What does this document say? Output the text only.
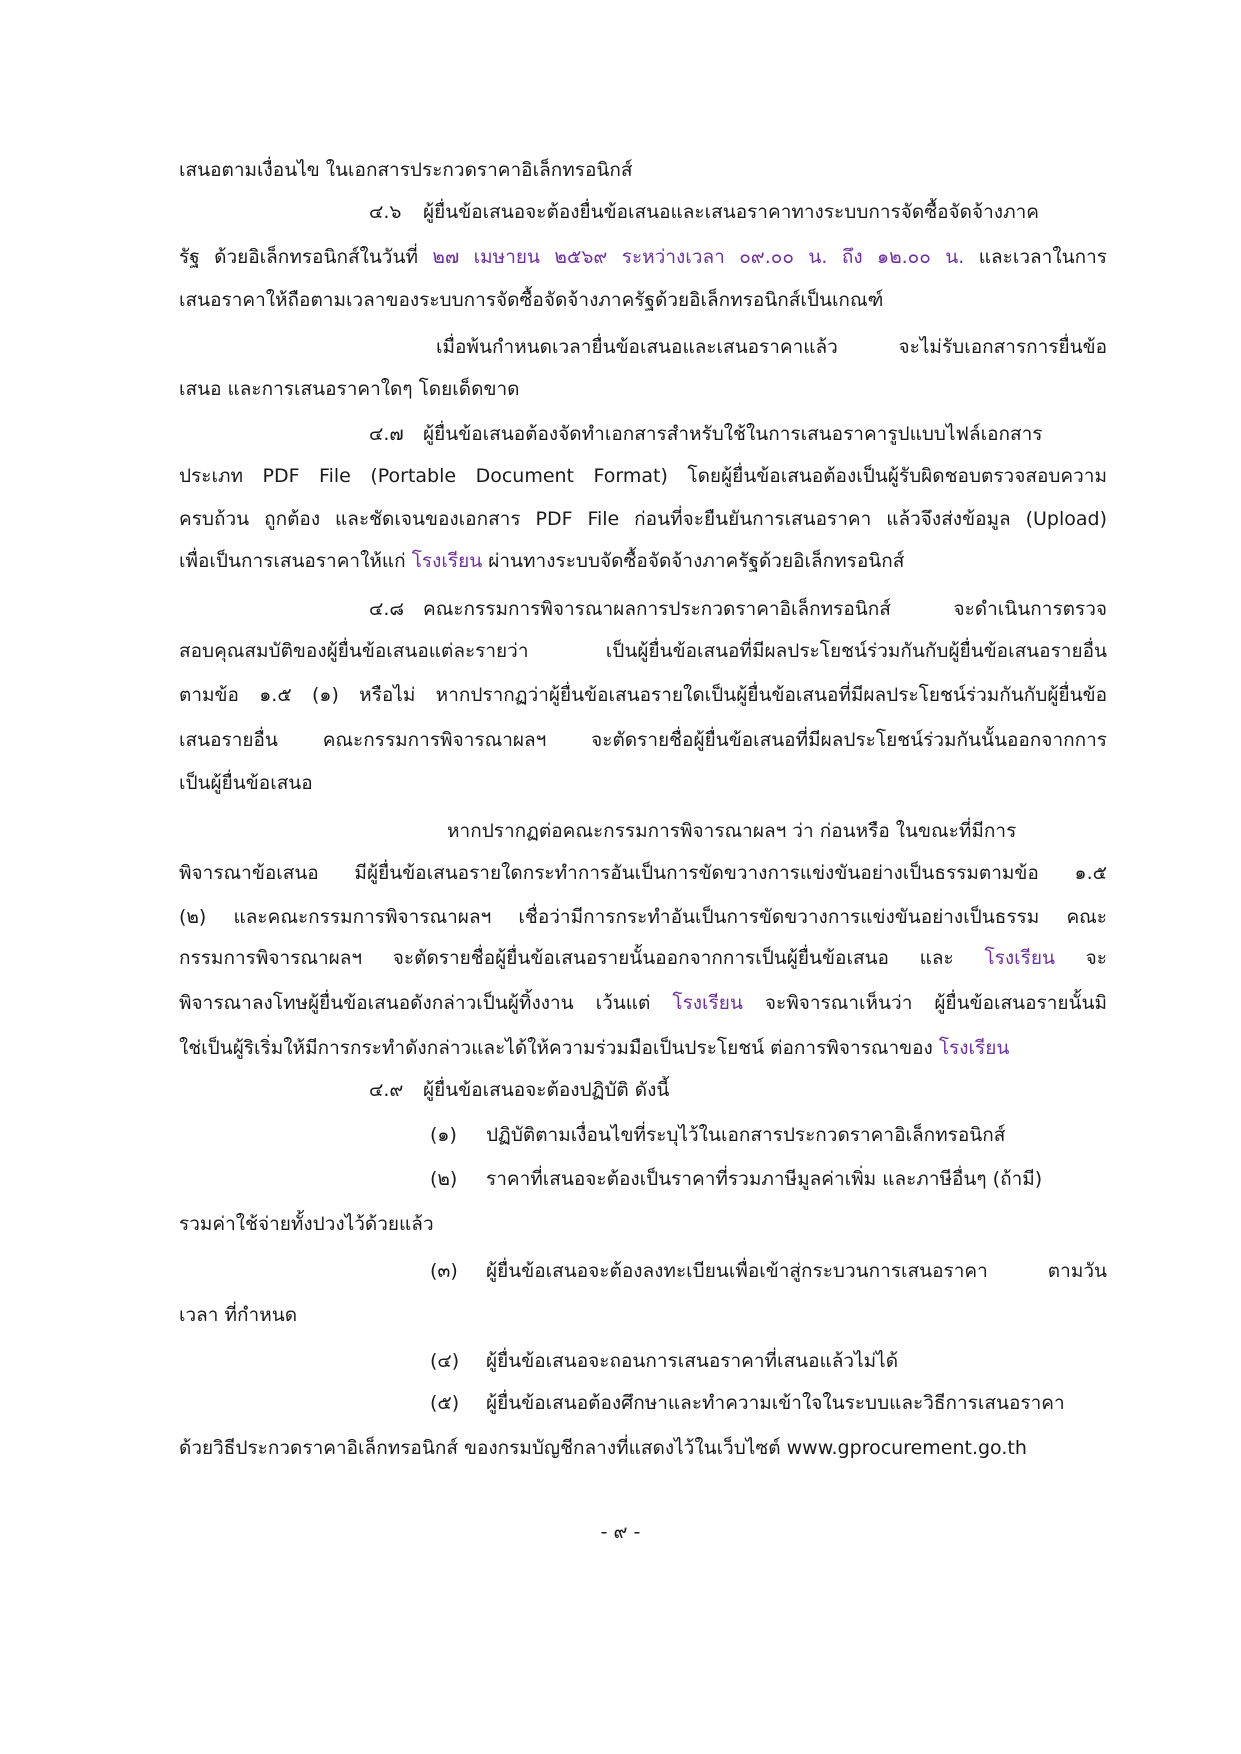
เสนอตามเงื่อนไข ในเอกสารประกวดราคาอิเล็กทรอนิกส์
๔.๖ ผู้ยื่นข้อเสนอจะต้องยื่นข้อเสนอและเสนอราคาทางระบบการจัดซื้อจัดจ้างภาค
รัฐ ด้วยอิเล็กทรอนิกส์ในวันที่ ๒๗ เมษายน ๒๕๖๙ ระหว่างเวลา ๐๙.๐๐ น. ถึง ๑๒.๐๐ น. และเวลาในการ
เสนอราคาให้ถือตามเวลาของระบบการจัดซื้อจัดจ้างภาครัฐด้วยอิเล็กทรอนิกส์เป็นเกณฑ์
เมื่อพ้นกำหนดเวลายื่นข้อเสนอและเสนอราคาแล้ว จะไม่รับเอกสารการยื่นข้อ
เสนอ และการเสนอราคาใดๆ โดยเด็ดขาด
๔.๗ ผู้ยื่นข้อเสนอต้องจัดทำเอกสารสำหรับใช้ในการเสนอราคารูปแบบไฟล์เอกสาร
ประเภท PDF File (Portable Document Format) โดยผู้ยื่นข้อเสนอต้องเป็นผู้รับผิดชอบตรวจสอบความ
ครบถ้วน ถูกต้อง และชัดเจนของเอกสาร PDF File ก่อนที่จะยืนยันการเสนอราคา แล้วจึงส่งข้อมูล (Upload)
เพื่อเป็นการเสนอราคาให้แก่ โรงเรียน ผ่านทางระบบจัดซื้อจัดจ้างภาครัฐด้วยอิเล็กทรอนิกส์
๔.๘ คณะกรรมการพิจารณาผลการประกวดราคาอิเล็กทรอนิกส์ จะดำเนินการตรวจ
สอบคุณสมบัติของผู้ยื่นข้อเสนอแต่ละรายว่า เป็นผู้ยื่นข้อเสนอที่มีผลประโยชน์ร่วมกันกับผู้ยื่นข้อเสนอรายอื่น
ตามข้อ ๑.๕ (๑) หรือไม่ หากปรากฏว่าผู้ยื่นข้อเสนอรายใดเป็นผู้ยื่นข้อเสนอที่มีผลประโยชน์ร่วมกันกับผู้ยื่นข้อ
เสนอรายอื่น คณะกรรมการพิจารณาผลฯ จะตัดรายชื่อผู้ยื่นข้อเสนอที่มีผลประโยชน์ร่วมกันนั้นออกจากการ
เป็นผู้ยื่นข้อเสนอ
หากปรากฏต่อคณะกรรมการพิจารณาผลฯ ว่า ก่อนหรือ ในขณะที่มีการ
พิจารณาข้อเสนอ มีผู้ยื่นข้อเสนอรายใดกระทำการอันเป็นการขัดขวางการแข่งขันอย่างเป็นธรรมตามข้อ ๑.๕
(๒) และคณะกรรมการพิจารณาผลฯ เชื่อว่ามีการกระทำอันเป็นการขัดขวางการแข่งขันอย่างเป็นธรรม คณะ
กรรมการพิจารณาผลฯ จะตัดรายชื่อผู้ยื่นข้อเสนอรายนั้นออกจากการเป็นผู้ยื่นข้อเสนอ และ โรงเรียน จะ
พิจารณาลงโทษผู้ยื่นข้อเสนอดังกล่าวเป็นผู้ทิ้งงาน เว้นแต่ โรงเรียน จะพิจารณาเห็นว่า ผู้ยื่นข้อเสนอรายนั้นมิ
ใช่เป็นผู้ริเริ่มให้มีการกระทำดังกล่าวและได้ให้ความร่วมมือเป็นประโยชน์ ต่อการพิจารณาของ โรงเรียน
๔.๙ ผู้ยื่นข้อเสนอจะต้องปฏิบัติ ดังนี้
(๑) ปฏิบัติตามเงื่อนไขที่ระบุไว้ในเอกสารประกวดราคาอิเล็กทรอนิกส์
(๒) ราคาที่เสนอจะต้องเป็นราคาที่รวมภาษีมูลค่าเพิ่ม และภาษีอื่นๆ (ถ้ามี)
รวมค่าใช้จ่ายทั้งปวงไว้ด้วยแล้ว
(๓) ผู้ยื่นข้อเสนอจะต้องลงทะเบียนเพื่อเข้าสู่กระบวนการเสนอราคา ตามวัน
เวลา ที่กำหนด
(๔) ผู้ยื่นข้อเสนอจะถอนการเสนอราคาที่เสนอแล้วไม่ได้
(๕) ผู้ยื่นข้อเสนอต้องศึกษาและทำความเข้าใจในระบบและวิธีการเสนอราคา
ด้วยวิธีประกวดราคาอิเล็กทรอนิกส์ ของกรมบัญชีกลางที่แสดงไว้ในเว็บไซต์ www.gprocurement.go.th
- ๙ -
